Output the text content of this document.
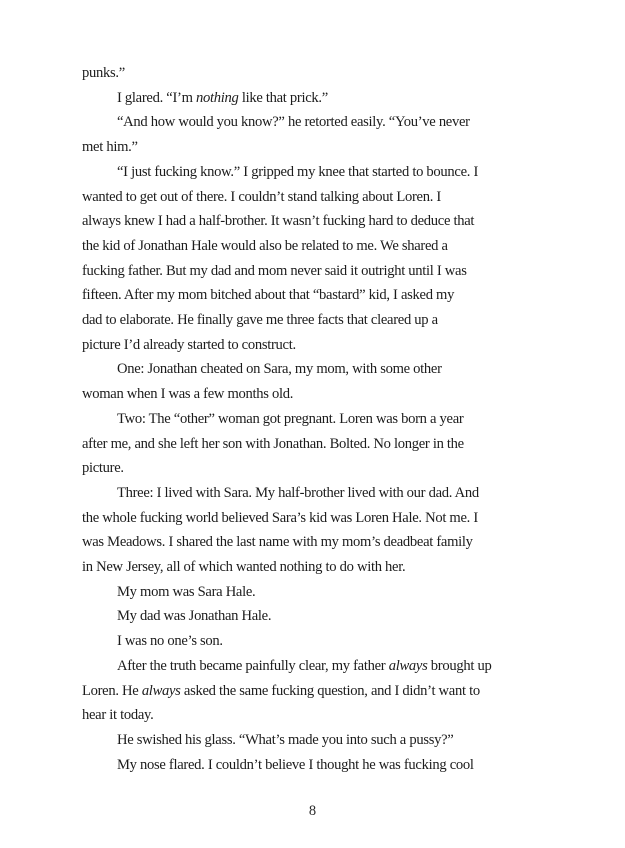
punks.”
I glared. “I’m nothing like that prick.”
“And how would you know?” he retorted easily. “You’ve never
met him.”
“I just fucking know.” I gripped my knee that started to bounce. I
wanted to get out of there. I couldn’t stand talking about Loren. I
always knew I had a half-brother. It wasn’t fucking hard to deduce that
the kid of Jonathan Hale would also be related to me. We shared a
fucking father. But my dad and mom never said it outright until I was
fifteen. After my mom bitched about that “bastard” kid, I asked my
dad to elaborate. He finally gave me three facts that cleared up a
picture I’d already started to construct.
One: Jonathan cheated on Sara, my mom, with some other
woman when I was a few months old.
Two: The “other” woman got pregnant. Loren was born a year
after me, and she left her son with Jonathan. Bolted. No longer in the
picture.
Three: I lived with Sara. My half-brother lived with our dad. And
the whole fucking world believed Sara’s kid was Loren Hale. Not me. I
was Meadows. I shared the last name with my mom’s deadbeat family
in New Jersey, all of which wanted nothing to do with her.
My mom was Sara Hale.
My dad was Jonathan Hale.
I was no one’s son.
After the truth became painfully clear, my father always brought up
Loren. He always asked the same fucking question, and I didn’t want to
hear it today.
He swished his glass. “What’s made you into such a pussy?”
My nose flared. I couldn’t believe I thought he was fucking cool
8
